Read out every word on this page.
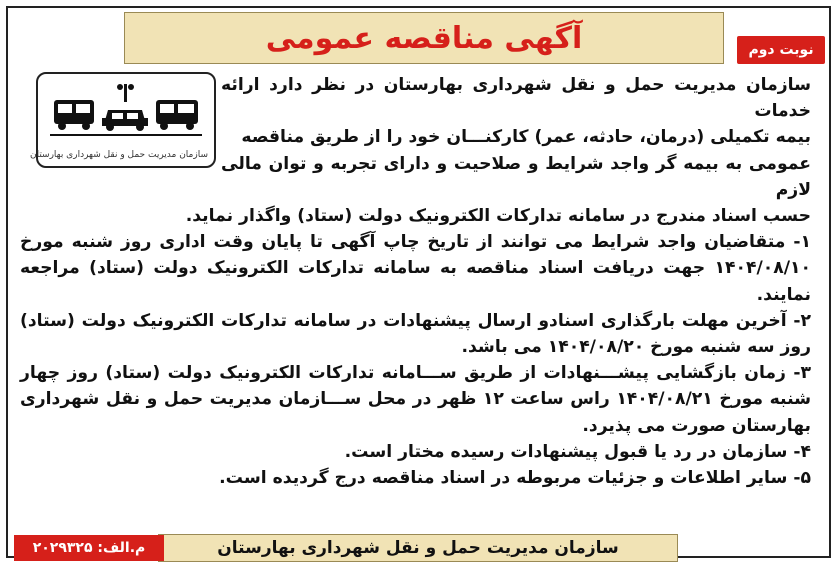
آگهی مناقصه عمومی	نوبت دوم
سازمان مدیریت حمل و نقل شهرداری بهارستان

سازمان مدیریت حمل و نقل شهرداری بهارستان در نظر دارد ارائه خدمات
بیمه تکمیلی (درمان، حادثه، عمر) کارکنـــان خود را از طریق مناقصه
عمومی به بیمه گر واجد شرایط و صلاحیت و دارای تجربه و توان مالی لازم
حسب اسناد مندرج در سامانه تدارکات الکترونیک دولت (ستاد) واگذار نماید.

۱- متقاضیان واجد شرایط می توانند از تاریخ چاپ آگهی تا پایان وقت اداری روز شنبه مورخ ۱۴۰۴/۰۸/۱۰ جهت دریافت اسناد مناقصه به سامانه تدارکات الکترونیک دولت (ستاد) مراجعه نمایند.

۲- آخرین مهلت بارگذاری اسنادو ارسال پیشنهادات در سامانه تدارکات الکترونیک دولت (ستاد) روز سه شنبه مورخ ۱۴۰۴/۰۸/۲۰ می باشد.

۳- زمان بازگشایی پیشـــنهادات از طریق ســـامانه تدارکات الکترونیک دولت (ستاد) روز چهار شنبه مورخ ۱۴۰۴/۰۸/۲۱ راس ساعت ۱۲ ظهر در محل ســـازمان مدیریت حمل و نقل شهرداری بهارستان صورت می پذیرد.

۴- سازمان در رد یا قبول پیشنهادات رسیده مختار است.

۵- سایر اطلاعات و جزئیات مربوطه در اسناد مناقصه درج گردیده است.

سازمان مدیریت حمل و نقل شهرداری بهارستان
م.الف: ۲۰۲۹۳۲۵
